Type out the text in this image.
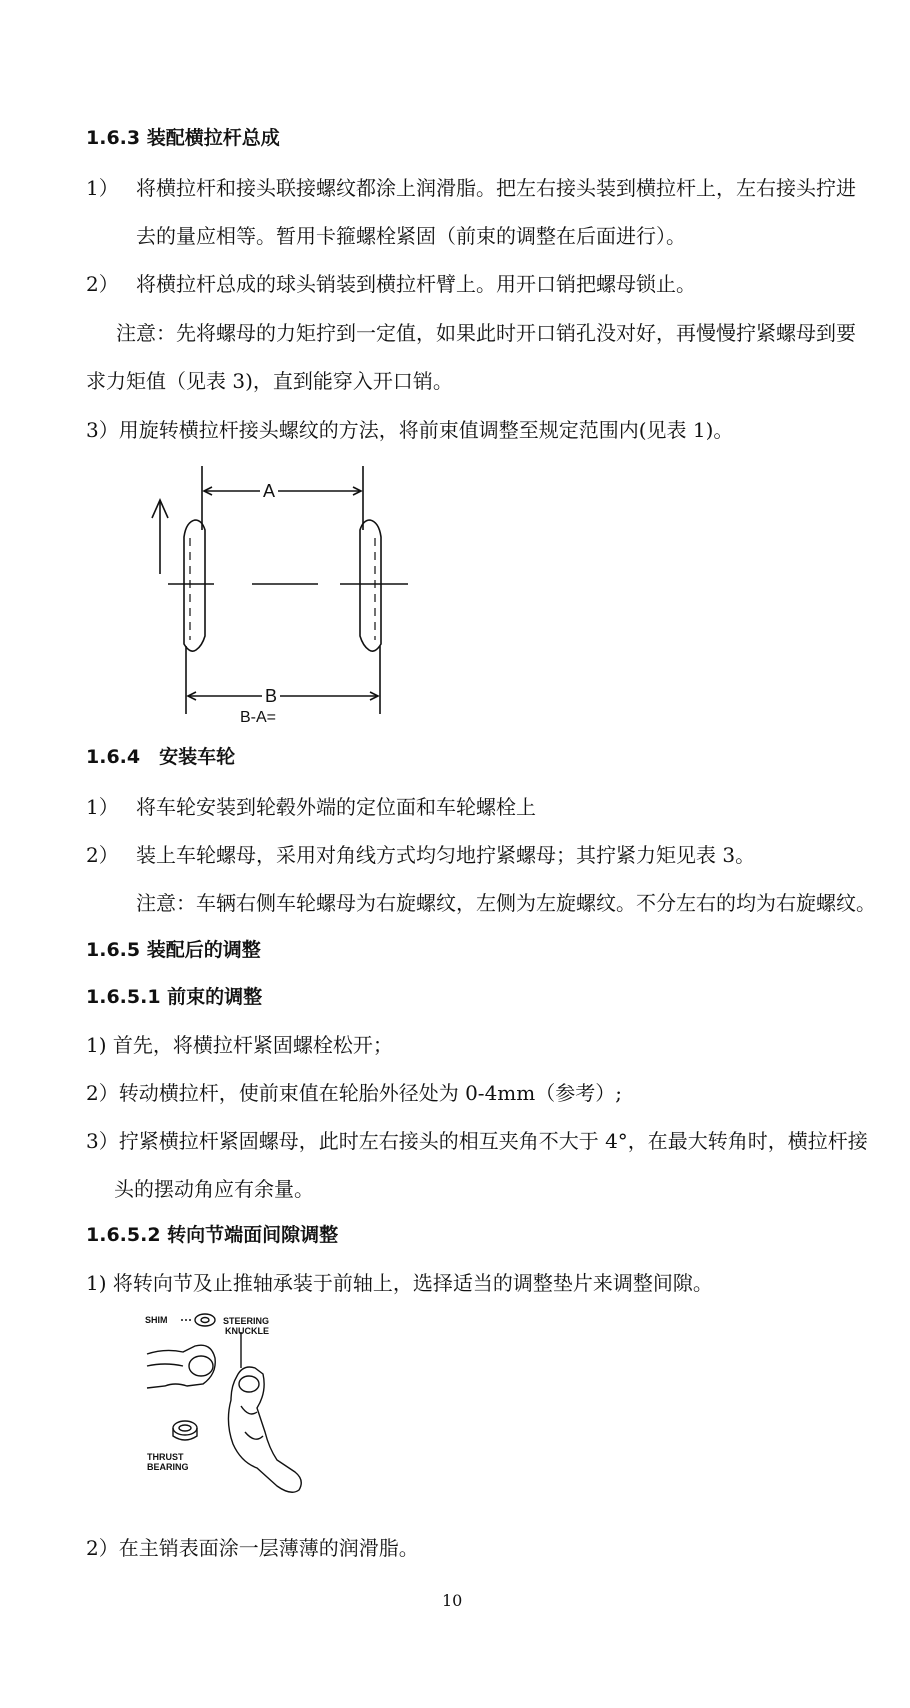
1.6.3 装配横拉杆总成
1） 将横拉杆和接头联接螺纹都涂上润滑脂。把左右接头装到横拉杆上，左右接头拧进
去的量应相等。暂用卡箍螺栓紧固（前束的调整在后面进行）。
2） 将横拉杆总成的球头销装到横拉杆臂上。用开口销把螺母锁止。
注意：先将螺母的力矩拧到一定值，如果此时开口销孔没对好，再慢慢拧紧螺母到要
求力矩值（见表 3)，直到能穿入开口销。
3）用旋转横拉杆接头螺纹的方法，将前束值调整至规定范围内(见表 1)。
A
B
B-A=
1.6.4　安装车轮
1） 将车轮安装到轮毂外端的定位面和车轮螺栓上
2） 装上车轮螺母，采用对角线方式均匀地拧紧螺母；其拧紧力矩见表 3。
注意：车辆右侧车轮螺母为右旋螺纹，左侧为左旋螺纹。不分左右的均为右旋螺纹。
1.6.5 装配后的调整
1.6.5.1 前束的调整
1) 首先，将横拉杆紧固螺栓松开；
2）转动横拉杆，使前束值在轮胎外径处为 0-4mm（参考）;
3）拧紧横拉杆紧固螺母，此时左右接头的相互夹角不大于 4°，在最大转角时，横拉杆接
头的摆动角应有余量。
1.6.5.2 转向节端面间隙调整
1) 将转向节及止推轴承装于前轴上，选择适当的调整垫片来调整间隙。
SHIM	STEERING
KNUCKLE
THRUST
BEARING
2）在主销表面涂一层薄薄的润滑脂。
10
